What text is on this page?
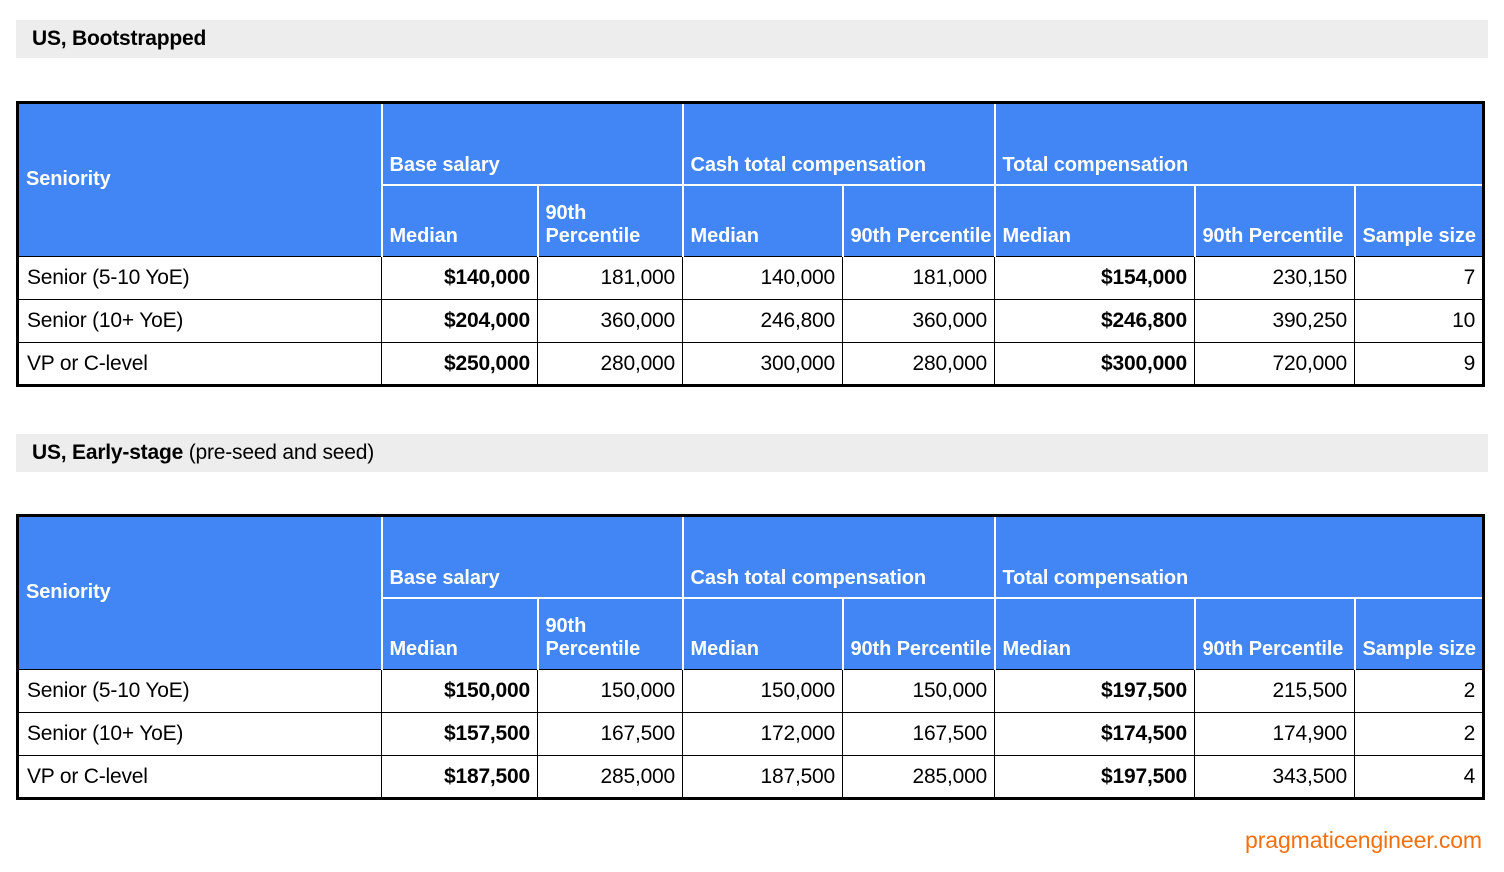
US, Bootstrapped
Seniority	Base salary		Cash total compensation		Total compensation		
	Median	90th Percentile	Median	90th Percentile	Median	90th Percentile	Sample size
Senior (5-10 YoE)	$140,000	181,000	140,000	181,000	$154,000	230,150	7
Senior (10+ YoE)	$204,000	360,000	246,800	360,000	$246,800	390,250	10
VP or C-level	$250,000	280,000	300,000	280,000	$300,000	720,000	9
US, Early-stage (pre-seed and seed)
Seniority	Base salary		Cash total compensation		Total compensation		
	Median	90th Percentile	Median	90th Percentile	Median	90th Percentile	Sample size
Senior (5-10 YoE)	$150,000	150,000	150,000	150,000	$197,500	215,500	2
Senior (10+ YoE)	$157,500	167,500	172,000	167,500	$174,500	174,900	2
VP or C-level	$187,500	285,000	187,500	285,000	$197,500	343,500	4
pragmaticengineer.com
